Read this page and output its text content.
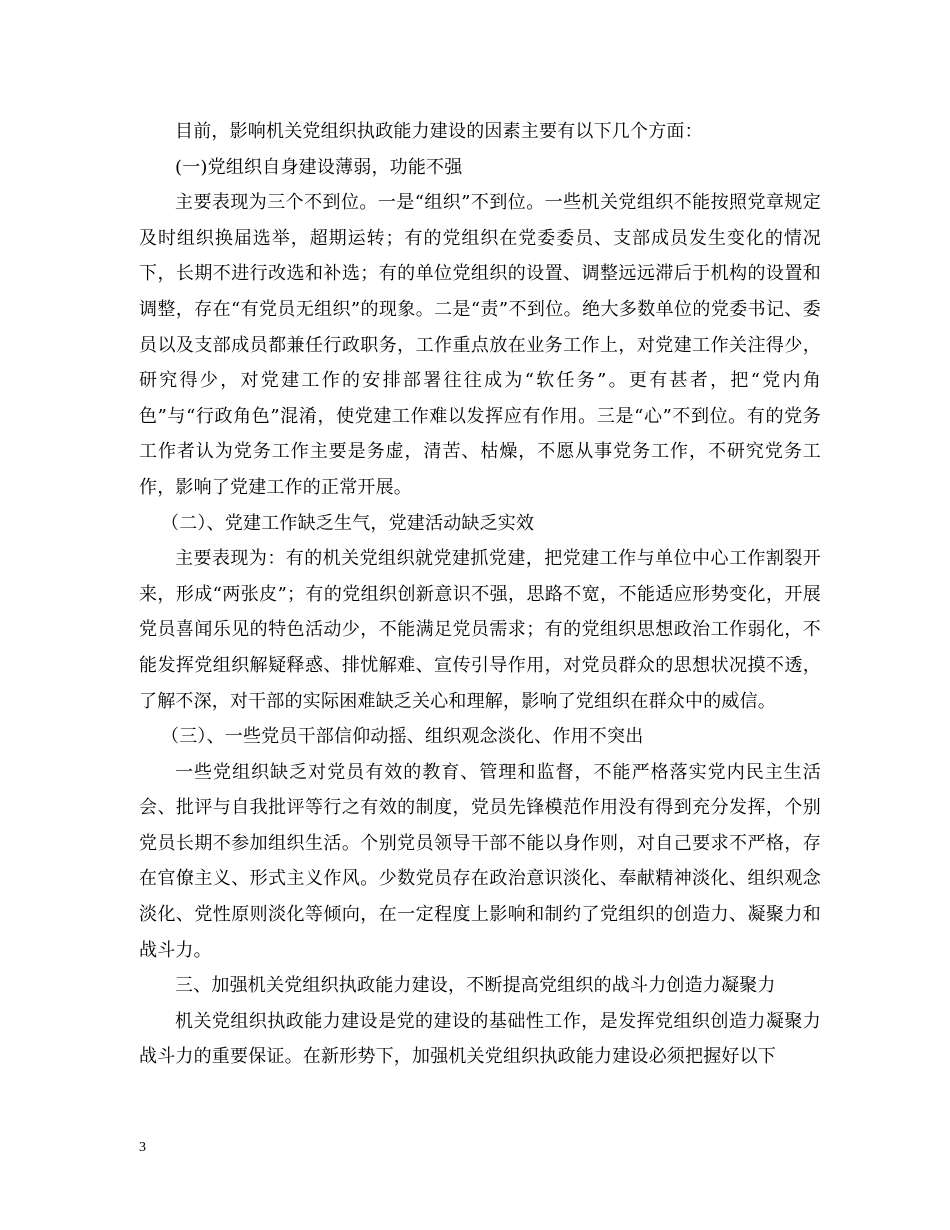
目前，影响机关党组织执政能力建设的因素主要有以下几个方面：

(一)党组织自身建设薄弱，功能不强

主要表现为三个不到位。一是“组织”不到位。一些机关党组织不能按照党章规定及时组织换届选举，超期运转；有的党组织在党委委员、支部成员发生变化的情况下，长期不进行改选和补选；有的单位党组织的设置、调整远远滞后于机构的设置和调整，存在“有党员无组织”的现象。二是“责”不到位。绝大多数单位的党委书记、委员以及支部成员都兼任行政职务，工作重点放在业务工作上，对党建工作关注得少，研究得少，对党建工作的安排部署往往成为“软任务”。更有甚者，把“党内角色”与“行政角色”混淆，使党建工作难以发挥应有作用。三是“心”不到位。有的党务工作者认为党务工作主要是务虚，清苦、枯燥，不愿从事党务工作，不研究党务工作，影响了党建工作的正常开展。

（二）、党建工作缺乏生气，党建活动缺乏实效

主要表现为：有的机关党组织就党建抓党建，把党建工作与单位中心工作割裂开来，形成“两张皮”；有的党组织创新意识不强，思路不宽，不能适应形势变化，开展党员喜闻乐见的特色活动少，不能满足党员需求；有的党组织思想政治工作弱化，不能发挥党组织解疑释惑、排忧解难、宣传引导作用，对党员群众的思想状况摸不透，了解不深，对干部的实际困难缺乏关心和理解，影响了党组织在群众中的威信。

（三）、一些党员干部信仰动摇、组织观念淡化、作用不突出

一些党组织缺乏对党员有效的教育、管理和监督，不能严格落实党内民主生活会、批评与自我批评等行之有效的制度，党员先锋模范作用没有得到充分发挥，个别党员长期不参加组织生活。个别党员领导干部不能以身作则，对自己要求不严格，存在官僚主义、形式主义作风。少数党员存在政治意识淡化、奉献精神淡化、组织观念淡化、党性原则淡化等倾向，在一定程度上影响和制约了党组织的创造力、凝聚力和战斗力。

三、加强机关党组织执政能力建设，不断提高党组织的战斗力创造力凝聚力

机关党组织执政能力建设是党的建设的基础性工作，是发挥党组织创造力凝聚力战斗力的重要保证。在新形势下，加强机关党组织执政能力建设必须把握好以下

3
